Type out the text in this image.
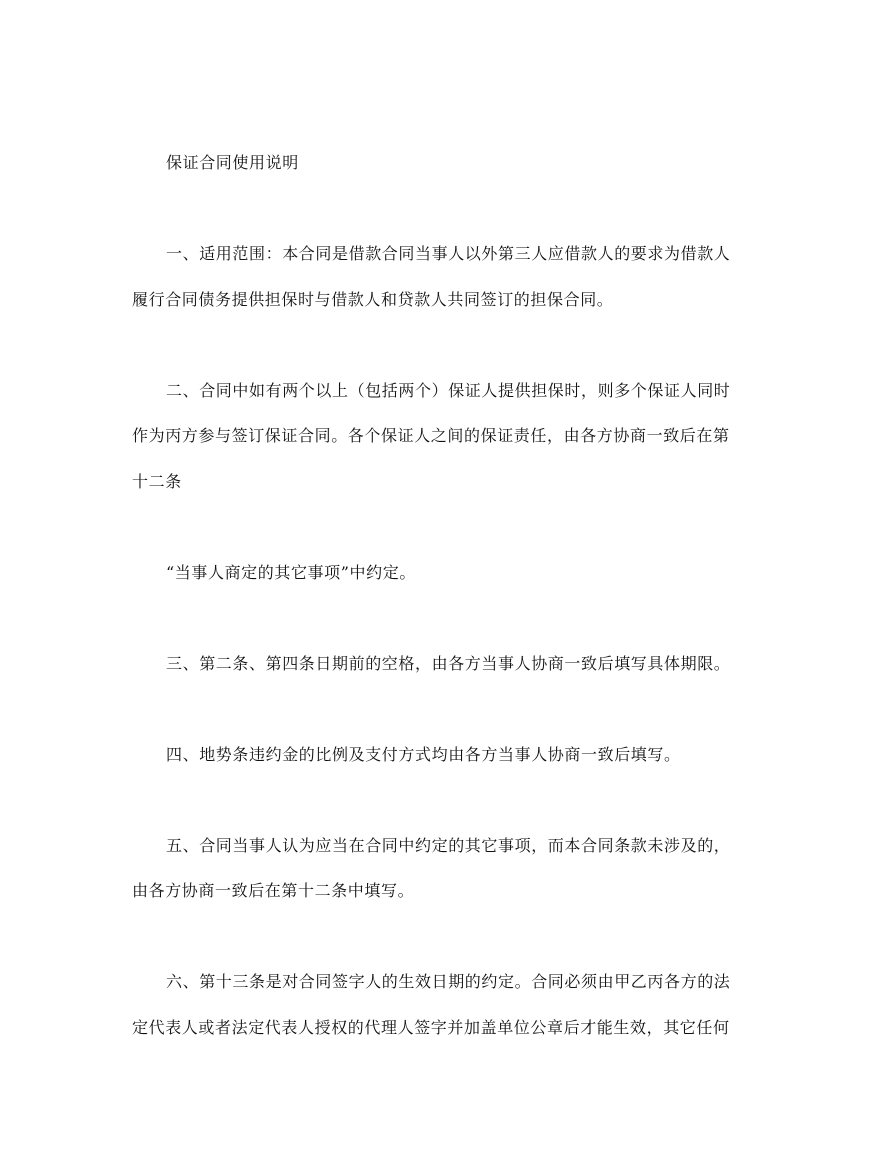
保证合同使用说明
一、适用范围：本合同是借款合同当事人以外第三人应借款人的要求为借款人
履行合同债务提供担保时与借款人和贷款人共同签订的担保合同。
二、合同中如有两个以上（包括两个）保证人提供担保时，则多个保证人同时
作为丙方参与签订保证合同。各个保证人之间的保证责任，由各方协商一致后在第
十二条
“当事人商定的其它事项”中约定。
三、第二条、第四条日期前的空格，由各方当事人协商一致后填写具体期限。
四、地势条违约金的比例及支付方式均由各方当事人协商一致后填写。
五、合同当事人认为应当在合同中约定的其它事项，而本合同条款未涉及的，
由各方协商一致后在第十二条中填写。
六、第十三条是对合同签字人的生效日期的约定。合同必须由甲乙丙各方的法
定代表人或者法定代表人授权的代理人签字并加盖单位公章后才能生效，其它任何
